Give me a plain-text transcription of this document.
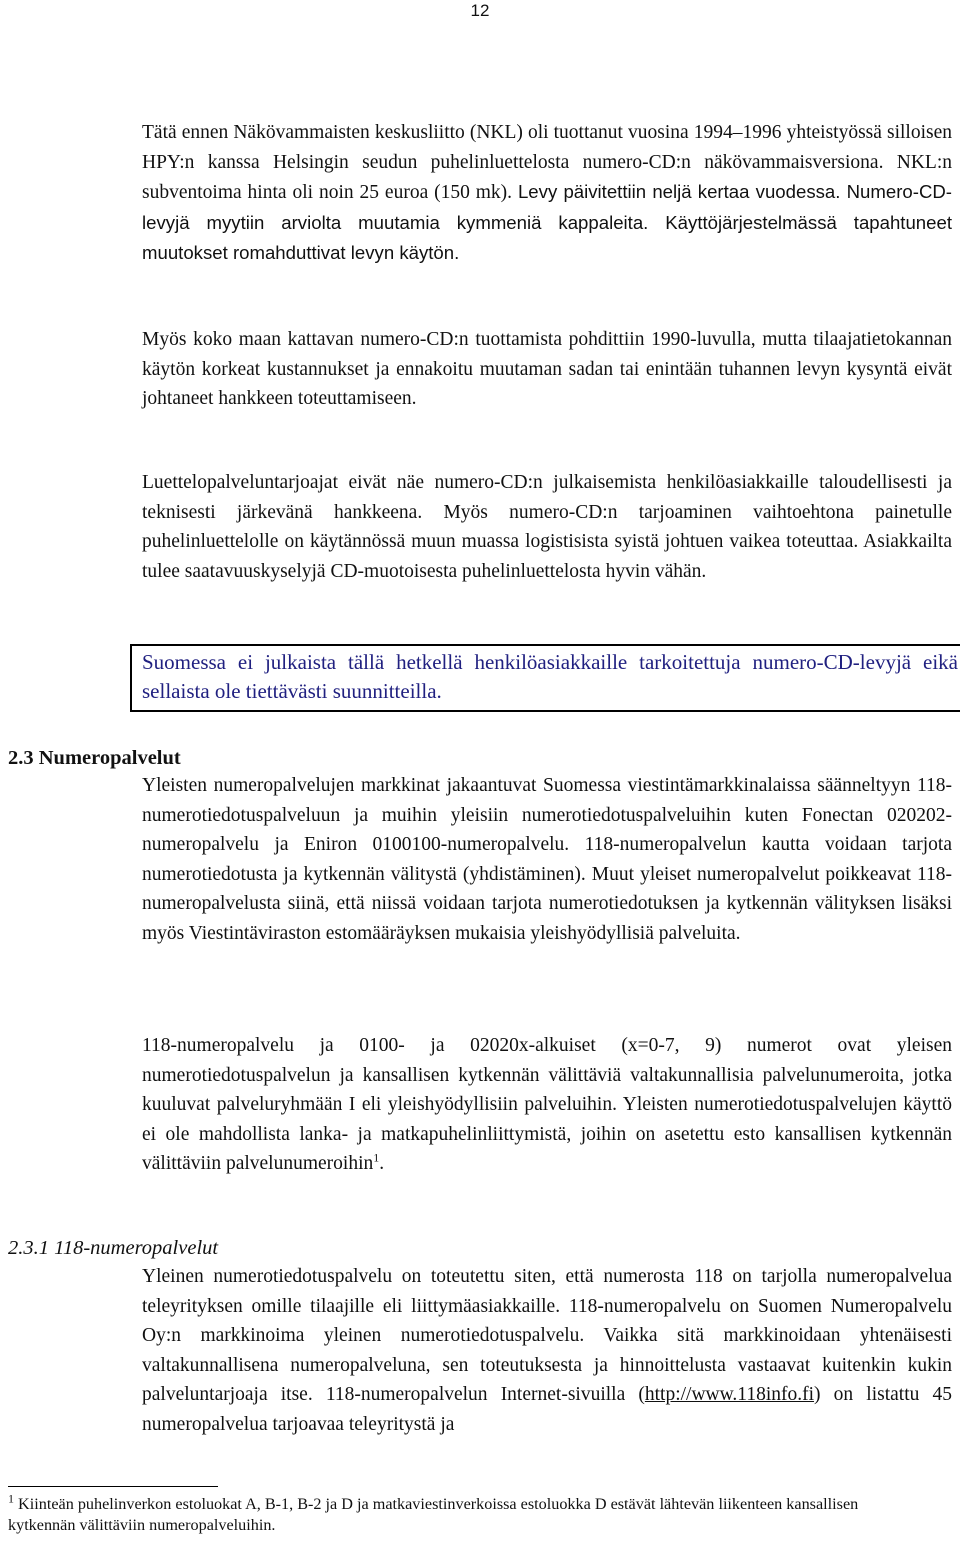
12

Tätä ennen Näkövammaisten keskusliitto (NKL) oli tuottanut vuosina 1994–1996 yhteistyössä silloisen HPY:n kanssa Helsingin seudun puhelinluettelosta numero-CD:n näkövammaisversiona. NKL:n subventoima hinta oli noin 25 euroa (150 mk). Levy päivitettiin neljä kertaa vuodessa. Numero-CD-levyjä myytiin arviolta muutamia kymmeniä kappaleita. Käyttöjärjestelmässä tapahtuneet muutokset romahduttivat levyn käytön.

Myös koko maan kattavan numero-CD:n tuottamista pohdittiin 1990-luvulla, mutta tilaajatietokannan käytön korkeat kustannukset ja ennakoitu muutaman sadan tai enintään tuhannen levyn kysyntä eivät johtaneet hankkeen toteuttamiseen.

Luettelopalveluntarjoajat eivät näe numero-CD:n julkaisemista henkilöasiakkaille taloudellisesti ja teknisesti järkevänä hankkeena. Myös numero-CD:n tarjoaminen vaihtoehtona painetulle puhelinluettelolle on käytännössä muun muassa logistisista syistä johtuen vaikea toteuttaa. Asiakkailta tulee saatavuuskyselyjä CD-muotoisesta puhelinluettelosta hyvin vähän.

Suomessa ei julkaista tällä hetkellä henkilöasiakkaille tarkoitettuja numero-CD-levyjä eikä sellaista ole tiettävästi suunnitteilla.
2.3 Numeropalvelut

Yleisten numeropalvelujen markkinat jakaantuvat Suomessa viestintämarkkinalaissa säänneltyyn 118-numerotiedotuspalveluun ja muihin yleisiin numerotiedotuspalveluihin kuten Fonectan 020202-numeropalvelu ja Eniron 0100100-numeropalvelu. 118-numeropalvelun kautta voidaan tarjota numerotiedotusta ja kytkennän välitystä (yhdistäminen). Muut yleiset numeropalvelut poikkeavat 118-numeropalvelusta siinä, että niissä voidaan tarjota numerotiedotuksen ja kytkennän välityksen lisäksi myös Viestintäviraston estomääräyksen mukaisia yleishyödyllisiä palveluita.

118-numeropalvelu ja 0100- ja 02020x-alkuiset (x=0-7, 9) numerot ovat yleisen numerotiedotuspalvelun ja kansallisen kytkennän välittäviä valtakunnallisia palvelunumeroita, jotka kuuluvat palveluryhmään I eli yleishyödyllisiin palveluihin. Yleisten numerotiedotuspalvelujen käyttö ei ole mahdollista lanka- ja matkapuhelinliittymistä, joihin on asetettu esto kansallisen kytkennän välittäviin palvelunumeroihin$^1$.

2.3.1 118-numeropalvelut

Yleinen numerotiedotuspalvelu on toteutettu siten, että numerosta 118 on tarjolla numeropalvelua teleyrityksen omille tilaajille eli liittymäasiakkaille. 118-numeropalvelu on Suomen Numeropalvelu Oy:n markkinoima yleinen numerotiedotuspalvelu. Vaikka sitä markkinoidaan yhtenäisesti valtakunnallisena numeropalveluna, sen toteutuksesta ja hinnoittelusta vastaavat kuitenkin kukin palveluntarjoaja itse. 118-numeropalvelun Internet-sivuilla (http://www.118info.fi) on listattu 45 numeropalvelua tarjoavaa teleyritystä ja

$^1$ Kiinteän puhelinverkon estoluokat A, B-1, B-2 ja D ja matkaviestinverkoissa estoluokka D estävät lähtevän liikenteen kansallisen kytkennän välittäviin numeropalveluihin.
